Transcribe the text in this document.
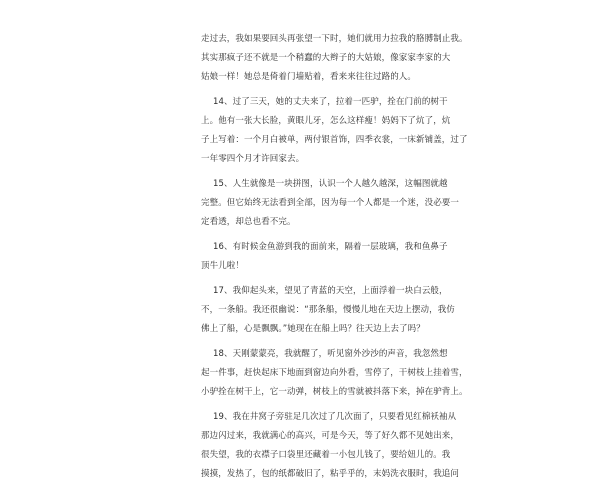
走过去，我如果要回头再张望一下时，她们就用力拉我的胳膊制止我。
其实那疯子还不就是一个稍蠢的大辫子的大姑娘，像家家李家的大
姑娘一样！她总是倚着门墙贴着，看来来往往过路的人。
14、过了三天，她的丈夫来了，拉着一匹驴，拴在门前的树干
上。他有一张大长脸，黄眼儿牙，怎么这样瘦！妈妈下了炕了，炕
子上写着：一个月白被单，两付银首饰，四季衣裳，一床新铺盖，过了
一年零四个月才许回家去。
15、人生就像是一块拼图，认识一个人越久越深，这幅图就越
完整。但它始终无法看到全部，因为每一个人都是一个迷，没必要一
定看透，却总也看不完。
16、有时候金鱼游到我的面前来，隔着一层玻璃，我和鱼鼻子
顶牛儿啦！
17、我仰起头来，望见了青蓝的天空，上面浮着一块白云般，
不，一条船。我还很幽说：“那条船，慢慢儿地在天边上摆动，我仿
佛上了船，心是飘飘。”她现在在船上吗？往天边上去了吗？
18、天刚蒙蒙亮，我就醒了，听见窗外沙沙的声音，我忽然想
起一件事，赶快起床下地面到窗边向外看，雪停了，干树枝上挂着雪，
小驴拴在树干上，它一动弹，树枝上的雪就被抖落下来，掉在驴背上。
19、我在井窝子旁驻足几次过了几次面了，只要看见红棉袄袖从
那边闪过来，我就满心的高兴，可是今天，等了好久都不见她出来，
很失望，我的衣襟子口袋里还藏着一小包儿钱了，要给妞儿的。我
摸摸，发热了，包的纸都破旧了，粘乎乎的，末妈洗衣服时，我追问
